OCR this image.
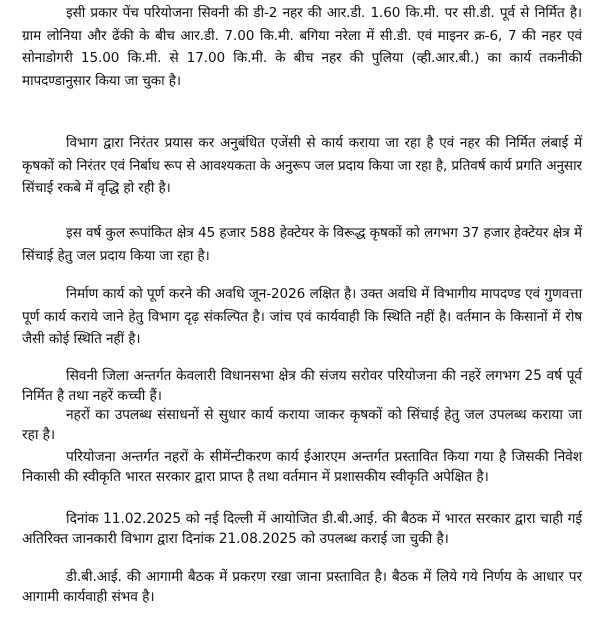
इसी प्रकार पेंच परियोजना सिवनी की डी-2 नहर की आर.डी. 1.60 कि.मी. पर सी.डी. पूर्व से निर्मित है। ग्राम लोनिया और ढेंकी के बीच आर.डी. 7.00 कि.मी. बगिया नरेला में सी.डी. एवं माइनर क्र-6, 7 की नहर एवं सोनाडोगरी 15.00 कि.मी. से 17.00 कि.मी. के बीच नहर की पुलिया (व्ही.आर.बी.) का कार्य तकनीकी मापदण्डानुसार किया जा चुका है।

विभाग द्वारा निरंतर प्रयास कर अनुबंधित एजेंसी से कार्य कराया जा रहा है एवं नहर की निर्मित लंबाई में कृषकों को निरंतर एवं निर्बाध रूप से आवश्यकता के अनुरूप जल प्रदाय किया जा रहा है, प्रतिवर्ष कार्य प्रगति अनुसार सिंचाई रकबे में वृद्धि हो रही है।

इस वर्ष कुल रूपांकित क्षेत्र 45 हजार 588 हेक्टेयर के विरूद्ध कृषकों को लगभग 37 हजार हेक्टेयर क्षेत्र में सिंचाई हेतु जल प्रदाय किया जा रहा है।

निर्माण कार्य को पूर्ण करने की अवधि जून-2026 लक्षित है। उक्त अवधि में विभागीय मापदण्ड एवं गुणवत्ता पूर्ण कार्य कराये जाने हेतु विभाग दृढ़ संकल्पित है। जांच एवं कार्यवाही कि स्थिति नहीं है। वर्तमान के किसानों में रोष जैसी कोई स्थिति नहीं है।

सिवनी जिला अन्तर्गत केवलारी विधानसभा क्षेत्र की संजय सरोवर परियोजना की नहरें लगभग 25 वर्ष पूर्व निर्मित है तथा नहरें कच्ची हैं।

नहरों का उपलब्ध संसाधनों से सुधार कार्य कराया जाकर कृषकों को सिंचाई हेतु जल उपलब्ध कराया जा रहा है।

परियोजना अन्तर्गत नहरों के सीमेंन्टीकरण कार्य ईआरएम अन्तर्गत प्रस्तावित किया गया है जिसकी निवेश निकासी की स्वीकृति भारत सरकार द्वारा प्राप्त है तथा वर्तमान में प्रशासकीय स्वीकृति अपेक्षित है।

दिनांक 11.02.2025 को नई दिल्ली में आयोजित डी.बी.आई. की बैठक में भारत सरकार द्वारा चाही गई अतिरिक्त जानकारी विभाग द्वारा दिनांक 21.08.2025 को उपलब्ध कराई जा चुकी है।

डी.बी.आई. की आगामी बैठक में प्रकरण रखा जाना प्रस्तावित है। बैठक में लिये गये निर्णय के आधार पर आगामी कार्यवाही संभव है।
